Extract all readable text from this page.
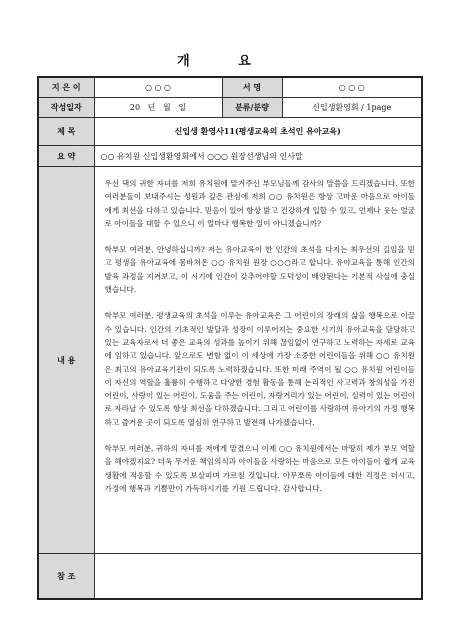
개 요
지 은 이	○ ○ ○	서 명	○ ○ ○
작성일자	20   년   월   일	분류/분량	신입생환영회 / 1page
제 목	신입생 환영사11(평생교육의 초석인 유아교육)		
요 약	○○ 유치원 신입생환영회에서 ○○○ 원장선생님의 인사말		
내 용	우선 댁의 귀한 자녀를 저희 유치원에 맡겨주신 부모님들께 감사의 말씀을 드리겠습니다. 또한 여러분들이 보내주시는 성원과 깊은 관심에 저희 ○○ 유치원은 항상 고마운 마음으로 아이들에게 최선을 다하고 있습니다. 믿음이 있어 항상 밝고 건강하게 입할 수 있고, 언제나 웃는 얼굴로 아이들을 대할 수 있으니 이 얼마나 행복한 일이 아니겠습니까?

학부모 여러분, 안녕하십니까? 저는 유아교육이 한 인간의 초석을 다지는 최우선의 길임을 믿고 평생을 유아교육에 몸바쳐온 ○○ 유치원 원장 ○○○라고 합니다. 유아교육을 통해 인간의 발육 과정을 지켜보고, 이 시기에 인간이 갖추어야할 도덕성이 배양된다는 기본적 사실에 충실했습니다.

학부모 여러분, 평생교육의 초석을 이루는 유아교육은 그 어린이의 장래의 삶을 행복으로 이끌 수 있습니다. 인간의 기초적인 발달과 성장이 이루어지는 중요한 시기의 유아교육을 담당하고 있는 교육자로서 더 좋은 교육의 성과를 높이기 위해 끊임없이 연구하고 노력하는 자세로 교육에 임하고 있습니다. 앞으로도 변함 없이 이 세상에 가장 소중한 어린이들을 위해 ○○ 유치원은 최고의 유아교육기관이 되도록 노력하겠습니다. 또한 미래 주역이 될 ○○ 유치원 어린이들이 자신의 역할을 훌륭히 수행하고 다양한 경험 활동을 통해 논리적인 사고력과 창의성을 가진 어린이, 사랑이 있는 어린이, 도움을 주는 어린이, 자랑거리가 있는 어린이, 실력이 있는 어린이로 자라날 수 있도록 항상 최선을 다하겠습니다. 그리고 어린이를 사랑하며 유아기의 가정 행복하고 즐거운 곳이 되도록 열심히 연구하고 발전해 나가겠습니다.

학부모 여러분, 귀하의 자녀를 저에게 맡겼으니 이제 ○○ 유치원에서는 마땅히 제가 부모 역할을 해야겠지요? 더욱 무거운 책임의식과 아이들을 사랑하는 마음으로 모든 아이들이 쉽게 교육생활에 적응할 수 있도록 보살피며 가르칠 것입니다. 아무쪼록 아이들에 대한 걱정은 더시고, 가정에 행복과 기쁨만이 가득하시기를 기원 드립니다. 감사합니다.		

참 조			
